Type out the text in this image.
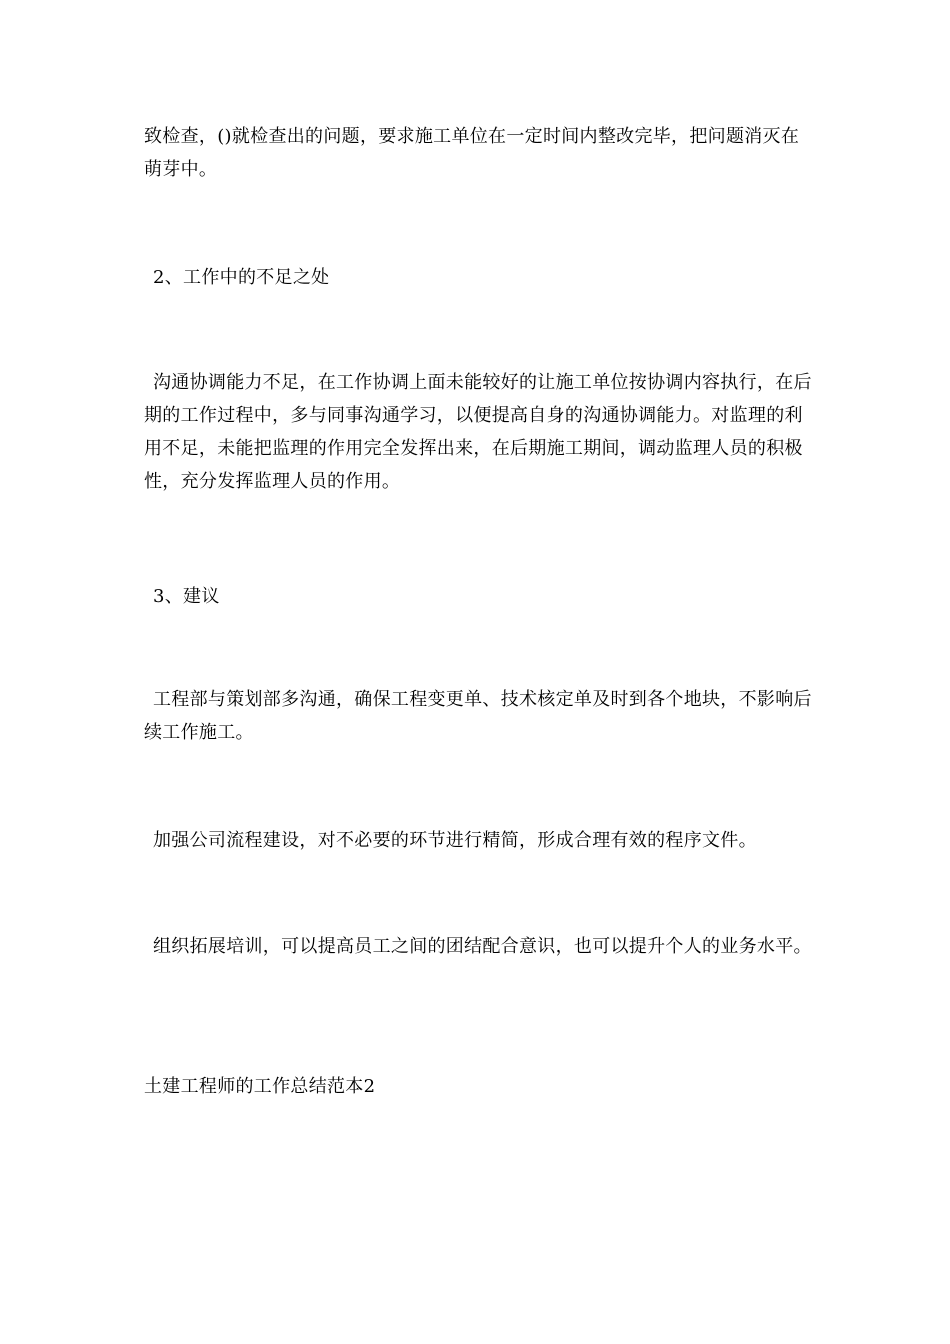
致检查，()就检查出的问题，要求施工单位在一定时间内整改完毕，把问题消灭在萌芽中。

2、工作中的不足之处

沟通协调能力不足，在工作协调上面未能较好的让施工单位按协调内容执行，在后期的工作过程中，多与同事沟通学习，以便提高自身的沟通协调能力。对监理的利用不足，未能把监理的作用完全发挥出来，在后期施工期间，调动监理人员的积极性，充分发挥监理人员的作用。

3、建议

工程部与策划部多沟通，确保工程变更单、技术核定单及时到各个地块，不影响后续工作施工。

加强公司流程建设，对不必要的环节进行精简，形成合理有效的程序文件。

组织拓展培训，可以提高员工之间的团结配合意识，也可以提升个人的业务水平。

土建工程师的工作总结范本2
